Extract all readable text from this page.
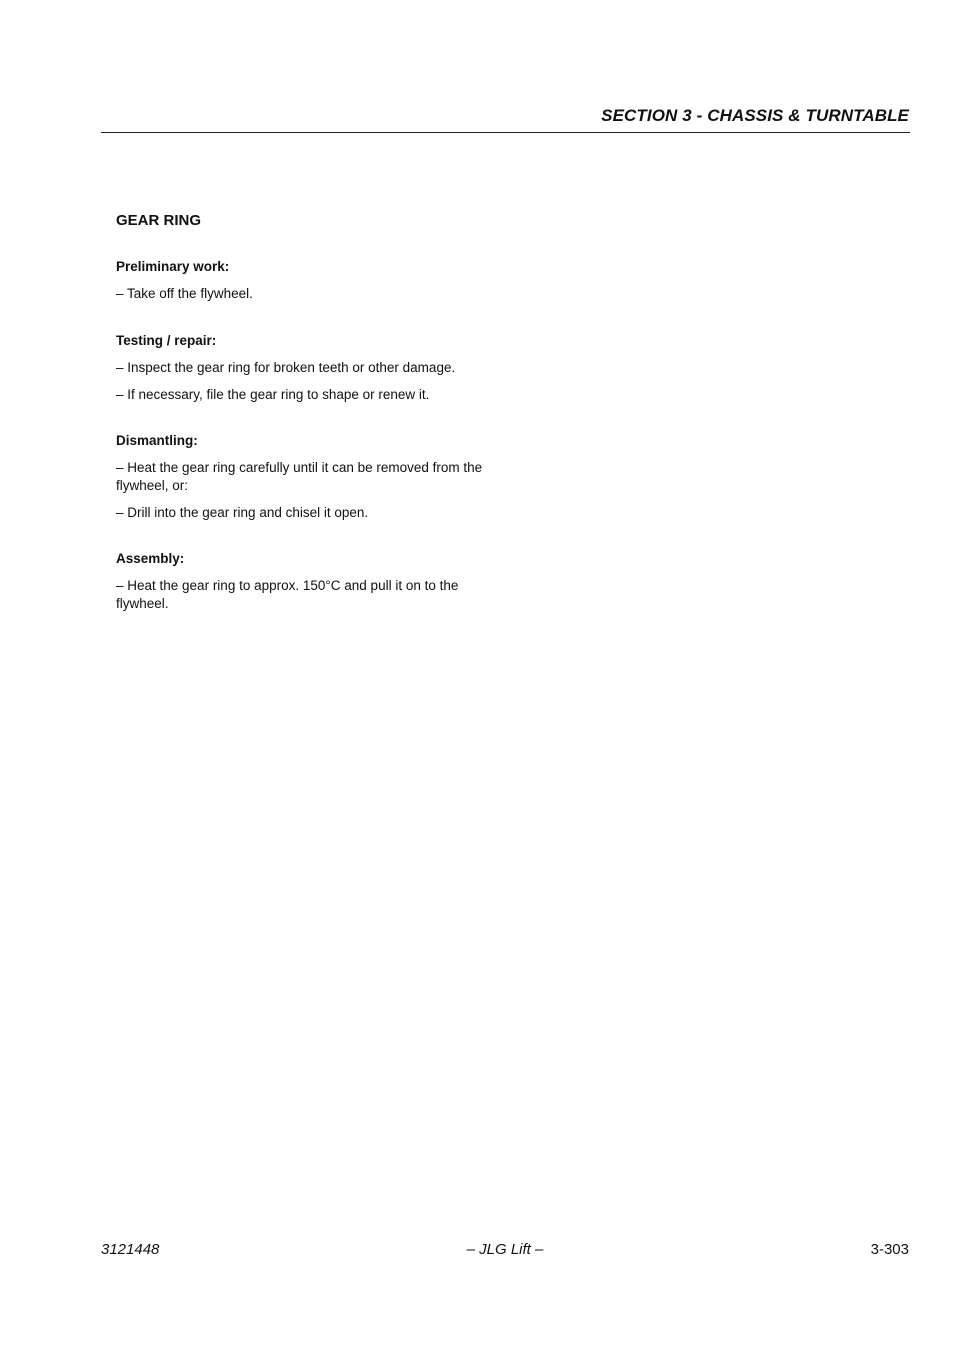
SECTION 3 - CHASSIS & TURNTABLE
GEAR RING
Preliminary work:
– Take off the flywheel.
Testing / repair:
– Inspect the gear ring for broken teeth or other damage.
– If necessary, file the gear ring to shape or renew it.
Dismantling:
– Heat the gear ring carefully until it can be removed from the flywheel, or:
– Drill into the gear ring and chisel it open.
Assembly:
– Heat the gear ring to approx. 150°C and pull it on to the flywheel.
3121448	– JLG Lift –	3-303
